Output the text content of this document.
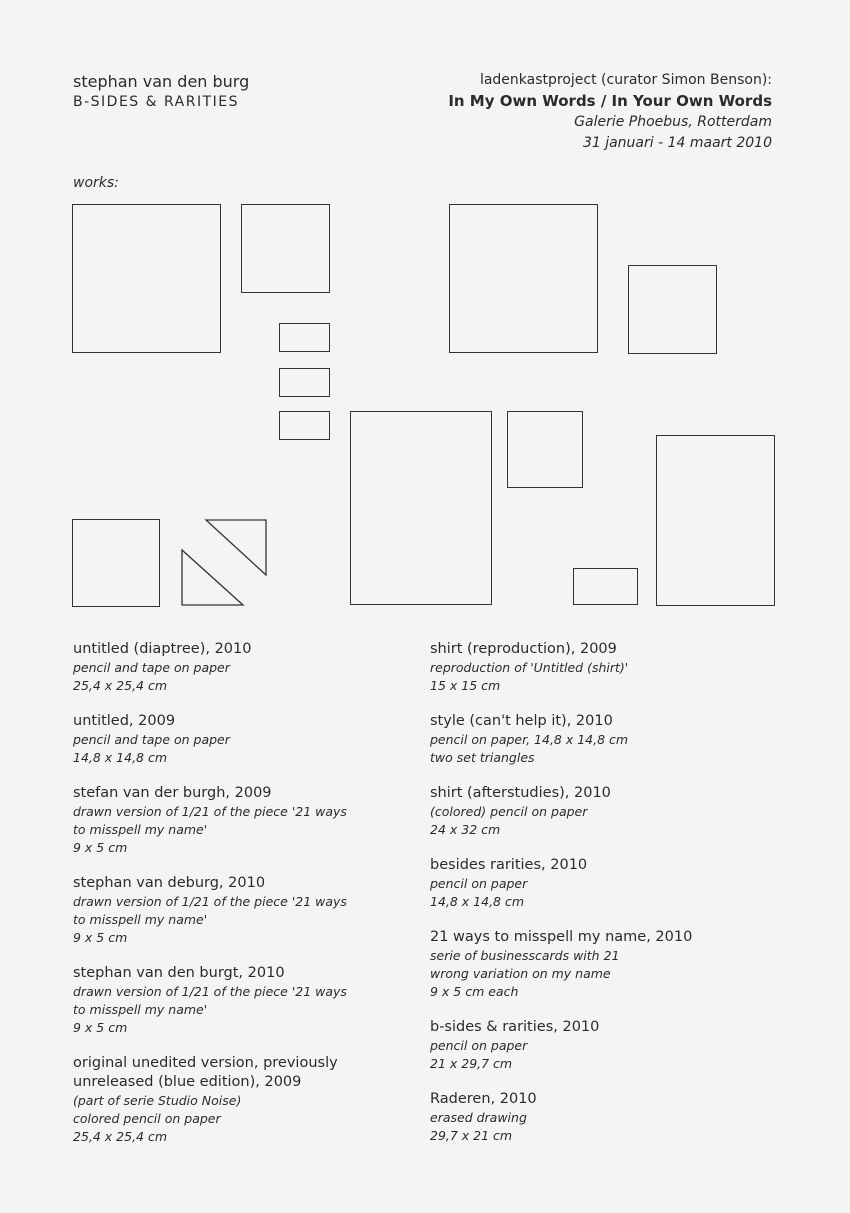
stephan van den burg
B-SIDES & RARITIES
ladenkastproject (curator Simon Benson):
In My Own Words / In Your Own Words
Galerie Phoebus, Rotterdam
31 januari - 14 maart 2010
works:
untitled (diaptree), 2010
pencil and tape on paper
25,4 x 25,4 cm
untitled, 2009
pencil and tape on paper
14,8 x 14,8 cm
stefan van der burgh, 2009
drawn version of 1/21 of the piece '21 ways
to misspell my name'
9 x 5 cm
stephan van deburg, 2010
drawn version of 1/21 of the piece '21 ways
to misspell my name'
9 x 5 cm
stephan van den burgt, 2010
drawn version of 1/21 of the piece '21 ways
to misspell my name'
9 x 5 cm
original unedited version, previously unreleased (blue edition), 2009
(part of serie Studio Noise)
colored pencil on paper
25,4 x 25,4 cm
shirt (reproduction), 2009
reproduction of 'Untitled (shirt)'
15 x 15 cm
style (can't help it), 2010
pencil on paper, 14,8 x 14,8 cm
two set triangles
shirt (afterstudies), 2010
(colored) pencil on paper
24 x 32 cm
besides rarities, 2010
pencil on paper
14,8 x 14,8 cm
21 ways to misspell my name, 2010
serie of businesscards with 21
wrong variation on my name
9 x 5 cm each
b-sides & rarities, 2010
pencil on paper
21 x 29,7 cm
Raderen, 2010
erased drawing
29,7 x 21 cm
